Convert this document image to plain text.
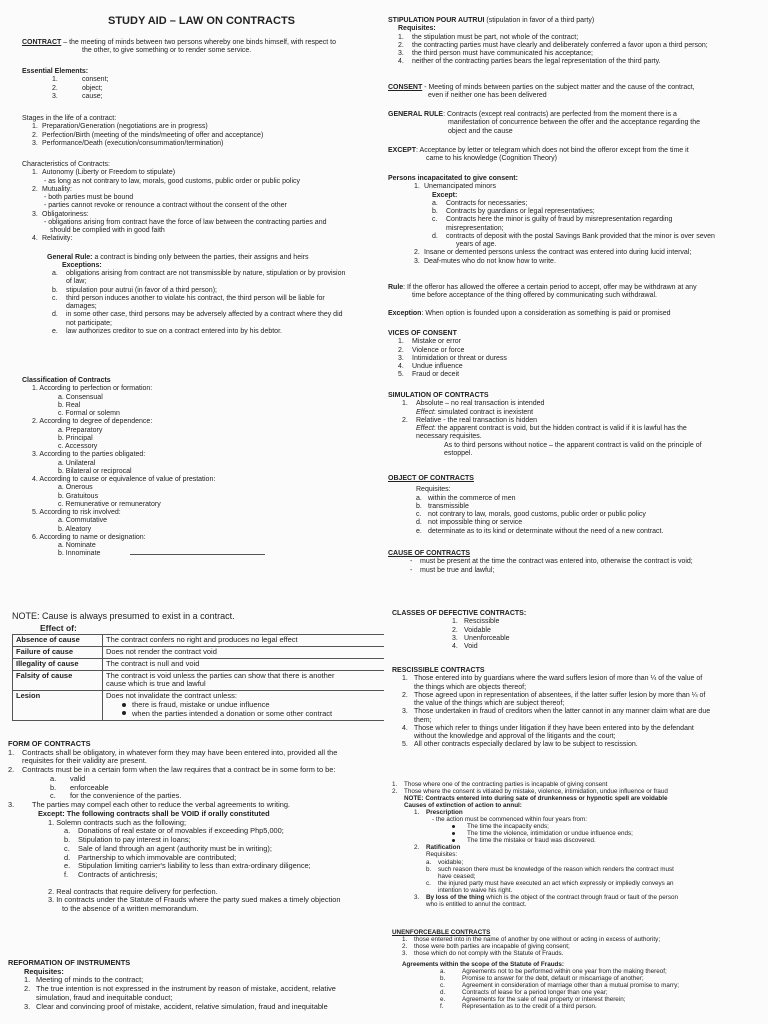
STUDY AID – LAW ON CONTRACTS

CONTRACT – the meeting of minds between two persons whereby one binds himself, with respect to

the other, to give something or to render some service.

Essential Elements:

1.	consent;
2.	object;
3.	cause;

Stages in the life of a contract:

1. Preparation/Generation (negotiations are in progress)
2. Perfection/Birth (meeting of the minds/meeting of offer and acceptance)
3. Performance/Death (execution/consummation/termination)

Characteristics of Contracts:

1. Autonomy (Liberty or Freedom to stipulate)

- as long as not contrary to law, morals, good customs, public order or public policy

2. Mutuality:

- both parties must be bound

- parties cannot revoke or renounce a contract without the consent of the other

3. Obligatoriness:

- obligations arising from contract have the force of law between the contracting parties and

should be complied with in good faith

4. Relativity:

General Rule: a contract is binding only between the parties, their assigns and heirs

Exceptions:

a.	obligations arising from contract are not transmissible by nature, stipulation or by provision
of law;
b.	stipulation pour autrui (in favor of a third person);
c.	third person induces another to violate his contract, the third person will be liable for
damages;
d.	in some other case, third persons may be adversely affected by a contract where they did
not participate;
e.	law authorizes creditor to sue on a contract entered into by his debtor.

Classification of Contracts

1. According to perfection or formation:

a. Consensual

b. Real

c. Formal or solemn

2. According to degree of dependence:

a. Preparatory

b. Principal

c. Accessory

3. According to the parties obligated:

a. Unilateral

b. Bilateral or reciprocal

4. According to cause or equivalence of value of prestation:

a. Onerous

b. Gratuitous

c. Remunerative or remuneratory

5. According to risk involved:

a. Commutative

b. Aleatory

6. According to name or designation:

a. Nominate

b. Innominate

STIPULATION POUR AUTRUI (stipulation in favor of a third party)

Requisites:

1.	the stipulation must be part, not whole of the contract;
2.	the contracting parties must have clearly and deliberately conferred a favor upon a third person;
3.	the third person must have communicated his acceptance;
4.	neither of the contracting parties bears the legal representation of the third party.

CONSENT - Meeting of minds between parties on the subject matter and the cause of the contract,

even if neither one has been delivered

GENERAL RULE: Contracts (except real contracts) are perfected from the moment there is a

manifestation of concurrence between the offer and the acceptance regarding the

object and the cause

EXCEPT: Acceptance by letter or telegram which does not bind the offeror except from the time it

came to his knowledge (Cognition Theory)

Persons incapacitated to give consent:

1. Unemancipated minors

Except:

a.	Contracts for necessaries;
b.	Contracts by guardians or legal representatives;
c.	Contracts here the minor is guilty of fraud by misrepresentation regarding
misrepresentation;
d.	contracts of deposit with the postal Savings Bank provided that the minor is over seven
years of age.
2. Insane or demented persons unless the contract was entered into during lucid interval;
3. Deaf-mutes who do not know how to write.

Rule: If the offeror has allowed the offeree a certain period to accept, offer may be withdrawn at any

time before acceptance of the thing offered by communicating such withdrawal.

Exception: When option is founded upon a consideration as something is paid or promised

VICES OF CONSENT

1.	Mistake or error
2.	Violence or force
3.	Intimidation or threat or duress
4.	Undue influence
5.	Fraud or deceit

SIMULATION OF CONTRACTS

1.	Absolute – no real transaction is intended

Effect: simulated contract is inexistent

2.	Relative - the real transaction is hidden

Effect: the apparent contract is void, but the hidden contract is valid if it is lawful has the

necessary requisites.

As to third persons without notice – the apparent contract is valid on the principle of

estoppel.

OBJECT OF CONTRACTS

Requisites:

a. within the commerce of men
b. transmissible
c. not contrary to law, morals, good customs, public order or public policy
d. not impossible thing or service
e. determinate as to its kind or determinate without the need of a new contract.

CAUSE OF CONTRACTS

-	must be present at the time the contract was entered into, otherwise the contract is void;
-	must be true and lawful;

NOTE: Cause is always presumed to exist in a contract.

Effect of:

Absence of cause	The contract confers no right and produces no legal effect
Failure of cause	Does not render the contract void
Illegality of cause	The contract is null and void
Falsity of cause	The contract is void unless the parties can show that there is another
cause which is true and lawful
Lesion	Does not invalidate the contract unless:
there is fraud, mistake or undue influence
when the parties intended a donation or some other contract

FORM OF CONTRACTS

1.	Contracts shall be obligatory, in whatever form they may have been entered into, provided all the
requisites for their validity are present.
2.	Contracts must be in a certain form when the law requires that a contract be in some form to be:
a.	valid
b.	enforceable
c.	for the convenience of the parties.
3.	The parties may compel each other to reduce the verbal agreements to writing.

Except: The following contracts shall be VOID if orally constituted

1. Solemn contracts such as the following;

a.	Donations of real estate or of movables if exceeding Php5,000;
b.	Stipulation to pay interest in loans;
c.	Sale of land through an agent (authority must be in writing);
d.	Partnership to which immovable are contributed;
e.	Stipulation limiting carrier's liability to less than extra-ordinary diligence;
f.	Contracts of antichresis;

2. Real contracts that require delivery for perfection.

3. In contracts under the Statute of Frauds where the party sued makes a timely objection

to the absence of a written memorandum.

REFORMATION OF INSTRUMENTS

Requisites:

1. Meeting of minds to the contract;
2. The true intention is not expressed in the instrument by reason of mistake, accident, relative
simulation, fraud and inequitable conduct;
3. Clear and convincing proof of mistake, accident, relative simulation, fraud and inequitable

CLASSES OF DEFECTIVE CONTRACTS:

1. Rescissible
2. Voidable
3. Unenforceable
4. Void

RESCISSIBLE CONTRACTS

1. Those entered into by guardians where the ward suffers lesion of more than ¼ of the value of
the things which are objects thereof;
2. Those agreed upon in representation of absentees, if the latter suffer lesion by more than ¼ of
the value of the things which are subject thereof;
3. Those undertaken in fraud of creditors when the latter cannot in any manner claim what are due
them;
4. Those which refer to things under litigation if they have been entered into by the defendant
without the knowledge and approval of the litigants and the court;
5. All other contracts especially declared by law to be subject to rescission.
1.	Those where one of the contracting parties is incapable of giving consent
2.	Those where the consent is vitiated by mistake, violence, intimidation, undue influence or fraud

NOTE: Contracts entered into during sate of drunkenness or hypnotic spell are voidable

Causes of extinction of action to annul:

1.	Prescription

- the action must be commenced within four years from:

The time the incapacity ends;

The time the violence, intimidation or undue influence ends;

The time the mistake or fraud was discovered.

2.	Ratification

Requisites:

a.	voidable;
b.	such reason there must be knowledge of the reason which renders the contract must
have ceased;
c.	the injured party must have executed an act which expressly or impliedly conveys an
intention to waive his right.
3.	By loss of the thing which is the object of the contract through fraud or fault of the person
who is entitled to annul the contract.

UNENFORCEABLE CONTRACTS

1.	those entered into in the name of another by one without or acting in excess of authority;
2.	those were both parties are incapable of giving consent;
3.	those which do not comply with the Statute of Frauds.

Agreements within the scope of the Statute of Frauds:

a.	Agreements not to be performed within one year from the making thereof;
b.	Promise to answer for the debt, default or miscarriage of another;
c.	Agreement in consideration of marriage other than a mutual promise to marry;
d.	Contracts of lease for a period longer than one year;
e.	Agreements for the sale of real property or interest therein;
f.	Representation as to the credit of a third person.
